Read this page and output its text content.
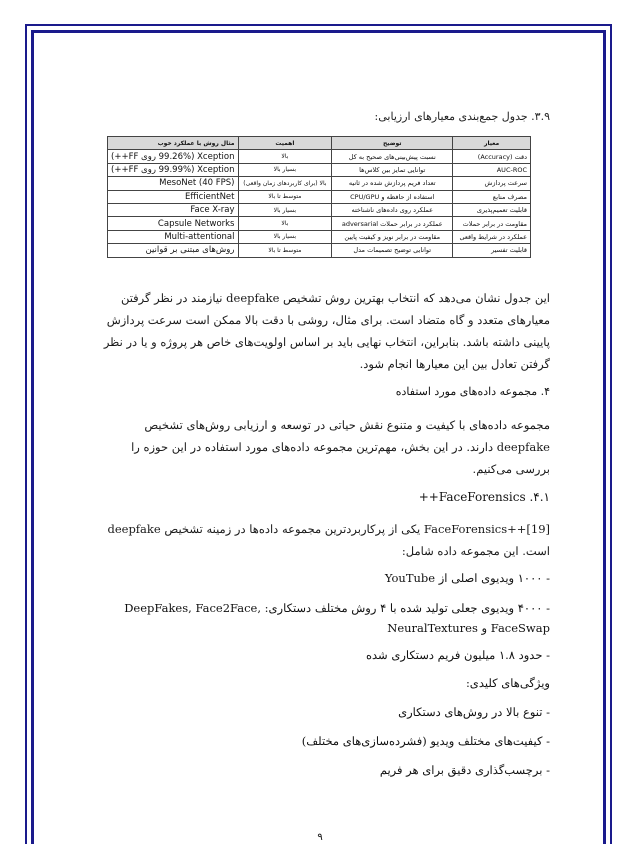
۳.۹. جدول جمع‌بندی معیارهای ارزیابی:
معیار	توضیح	اهمیت	مثال روش با عملکرد خوب
دقت (Accuracy)	نسبت پیش‌بینی‌های صحیح به کل	بالا	Xception (99.26% روی FF++)
AUC-ROC	توانایی تمایز بین کلاس‌ها	بسیار بالا	Xception (99.99% روی FF++)
سرعت پردازش	تعداد فریم پردازش شده در ثانیه	بالا (برای کاربردهای زمان واقعی)	MesoNet (40 FPS)
مصرف منابع	استفاده از حافظه و CPU/GPU	متوسط تا بالا	EfficientNet
قابلیت تعمیم‌پذیری	عملکرد روی داده‌های ناشناخته	بسیار بالا	Face X-ray
مقاومت در برابر حملات	عملکرد در برابر حملات adversarial	بالا	Capsule Networks
عملکرد در شرایط واقعی	مقاومت در برابر نویز و کیفیت پایین	بسیار بالا	Multi-attentional
قابلیت تفسیر	توانایی توضیح تصمیمات مدل	متوسط تا بالا	روش‌های مبتنی بر قوانین
این جدول نشان می‌دهد که انتخاب بهترین روش تشخیص deepfake نیازمند در نظر گرفتن معیارهای متعدد و گاه متضاد است. برای مثال، روشی با دقت بالا ممکن است سرعت پردازش پایینی داشته باشد. بنابراین، انتخاب نهایی باید بر اساس اولویت‌های خاص هر پروژه و یا در نظر گرفتن تعادل بین این معیارها انجام شود.
۴. مجموعه داده‌های مورد استفاده
مجموعه داده‌های با کیفیت و متنوع نقش حیاتی در توسعه و ارزیابی روش‌های تشخیص deepfake دارند. در این بخش، مهم‌ترین مجموعه داده‌های مورد استفاده در این حوزه را بررسی می‌کنیم.
۴.۱. FaceForensics++
FaceForensics++[19] یکی از پرکاربردترین مجموعه داده‌ها در زمینه تشخیص deepfake است. این مجموعه داده شامل:
- ۱۰۰۰ ویدیوی اصلی از YouTube
- ۴۰۰۰ ویدیوی جعلی تولید شده با ۴ روش مختلف دستکاری: DeepFakes, Face2Face, FaceSwap و NeuralTextures
- حدود ۱.۸ میلیون فریم دستکاری شده
ویژگی‌های کلیدی:
- تنوع بالا در روش‌های دستکاری
- کیفیت‌های مختلف ویدیو (فشرده‌سازی‌های مختلف)
- برچسب‌گذاری دقیق برای هر فریم
۹
